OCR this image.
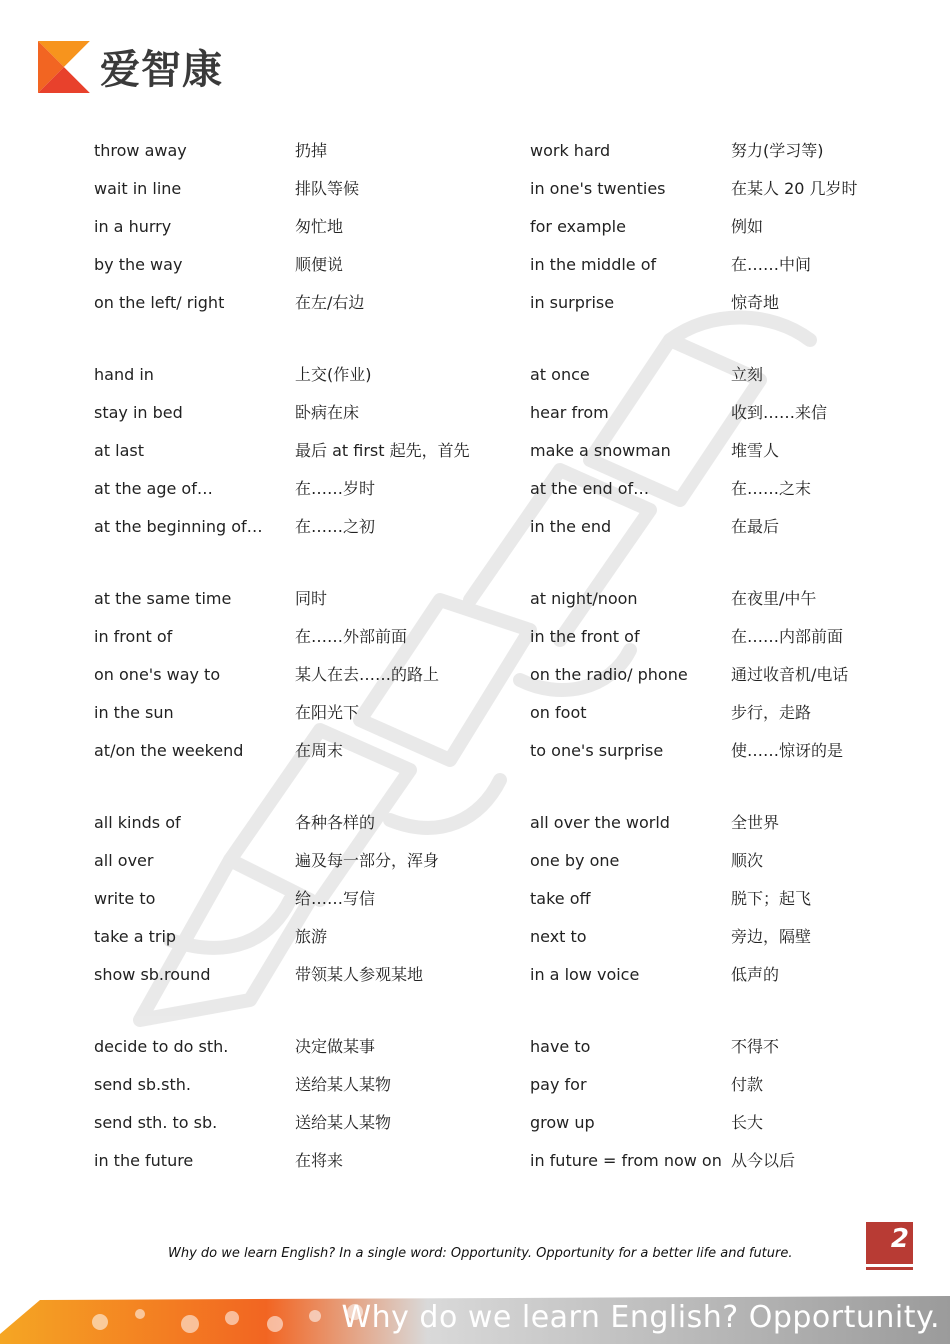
爱智康
throw away	扔掉	work hard	努力(学习等)
wait in line	排队等候	in one's twenties	在某人 20 几岁时
in a hurry	匆忙地	for example	例如
by the way	顺便说	in the middle of	在……中间
on the left/ right	在左/右边	in surprise	惊奇地
hand in	上交(作业)	at once	立刻
stay in bed	卧病在床	hear from	收到……来信
at last	最后 at first 起先，首先	make a snowman	堆雪人
at the age of…	在……岁时	at the end of…	在……之末
at the beginning of… 在……之初	in the end	在最后
at the same time	同时	at night/noon	在夜里/中午
in front of	在……外部前面	in the front of	在……内部前面
on one's way to	某人在去……的路上	on the radio/ phone	通过收音机/电话
in the sun	在阳光下	on foot	步行，走路
at/on the weekend	在周末	to one's surprise	使……惊讶的是
all kinds of	各种各样的	all over the world	全世界
all over	遍及每一部分，浑身	one by one	顺次
write to	给……写信	take off	脱下；起飞
take a trip	旅游	next to	旁边，隔壁
show sb.round	带领某人参观某地	in a low voice	低声的
decide to do sth.	决定做某事	have to	不得不
send sb.sth.	送给某人某物	pay for	付款
send sth. to sb.	送给某人某物	grow up	长大
in the future	在将来	in future = from now on 从今以后
Why do we learn English? In a single word: Opportunity. Opportunity for a better life and future.	2
Why do we learn English? Opportunity.
